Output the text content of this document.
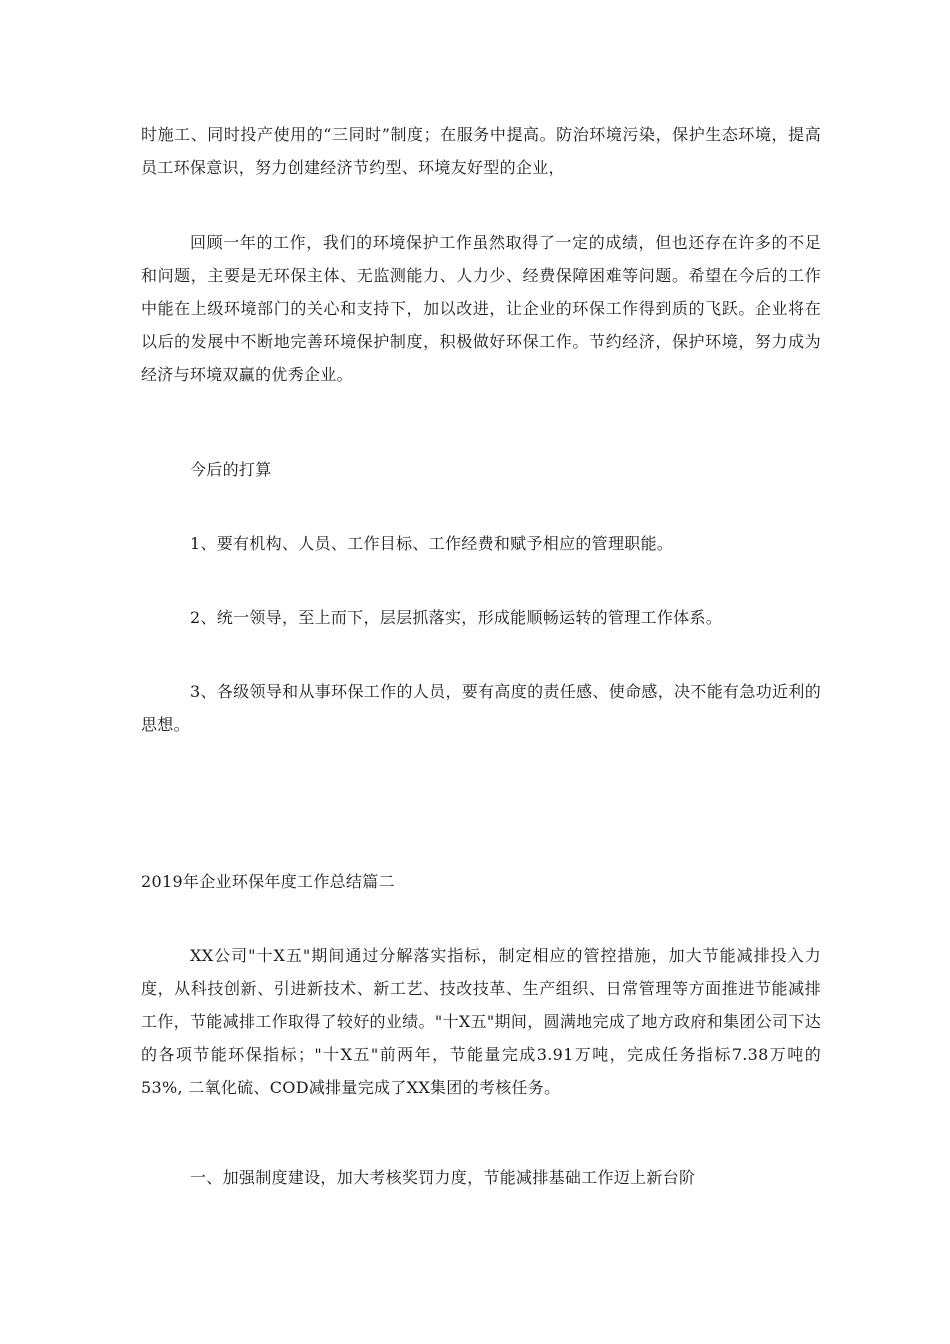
时施工、同时投产使用的“三同时”制度；在服务中提高。防治环境污染，保护生态环境，提高员工环保意识，努力创建经济节约型、环境友好型的企业，

回顾一年的工作，我们的环境保护工作虽然取得了一定的成绩，但也还存在许多的不足和问题，主要是无环保主体、无监测能力、人力少、经费保障困难等问题。希望在今后的工作中能在上级环境部门的关心和支持下，加以改进，让企业的环保工作得到质的飞跃。企业将在以后的发展中不断地完善环境保护制度，积极做好环保工作。节约经济，保护环境，努力成为经济与环境双赢的优秀企业。

今后的打算

1、要有机构、人员、工作目标、工作经费和赋予相应的管理职能。

2、统一领导，至上而下，层层抓落实，形成能顺畅运转的管理工作体系。

3、各级领导和从事环保工作的人员，要有高度的责任感、使命感，决不能有急功近利的思想。

2019年企业环保年度工作总结篇二

XX公司"十X五"期间通过分解落实指标，制定相应的管控措施，加大节能减排投入力度，从科技创新、引进新技术、新工艺、技改技革、生产组织、日常管理等方面推进节能减排工作，节能减排工作取得了较好的业绩。"十X五"期间，圆满地完成了地方政府和集团公司下达的各项节能环保指标；"十X五"前两年，节能量完成3.91万吨，完成任务指标7.38万吨的53%, 二氧化硫、COD减排量完成了XX集团的考核任务。

一、加强制度建设，加大考核奖罚力度，节能减排基础工作迈上新台阶
